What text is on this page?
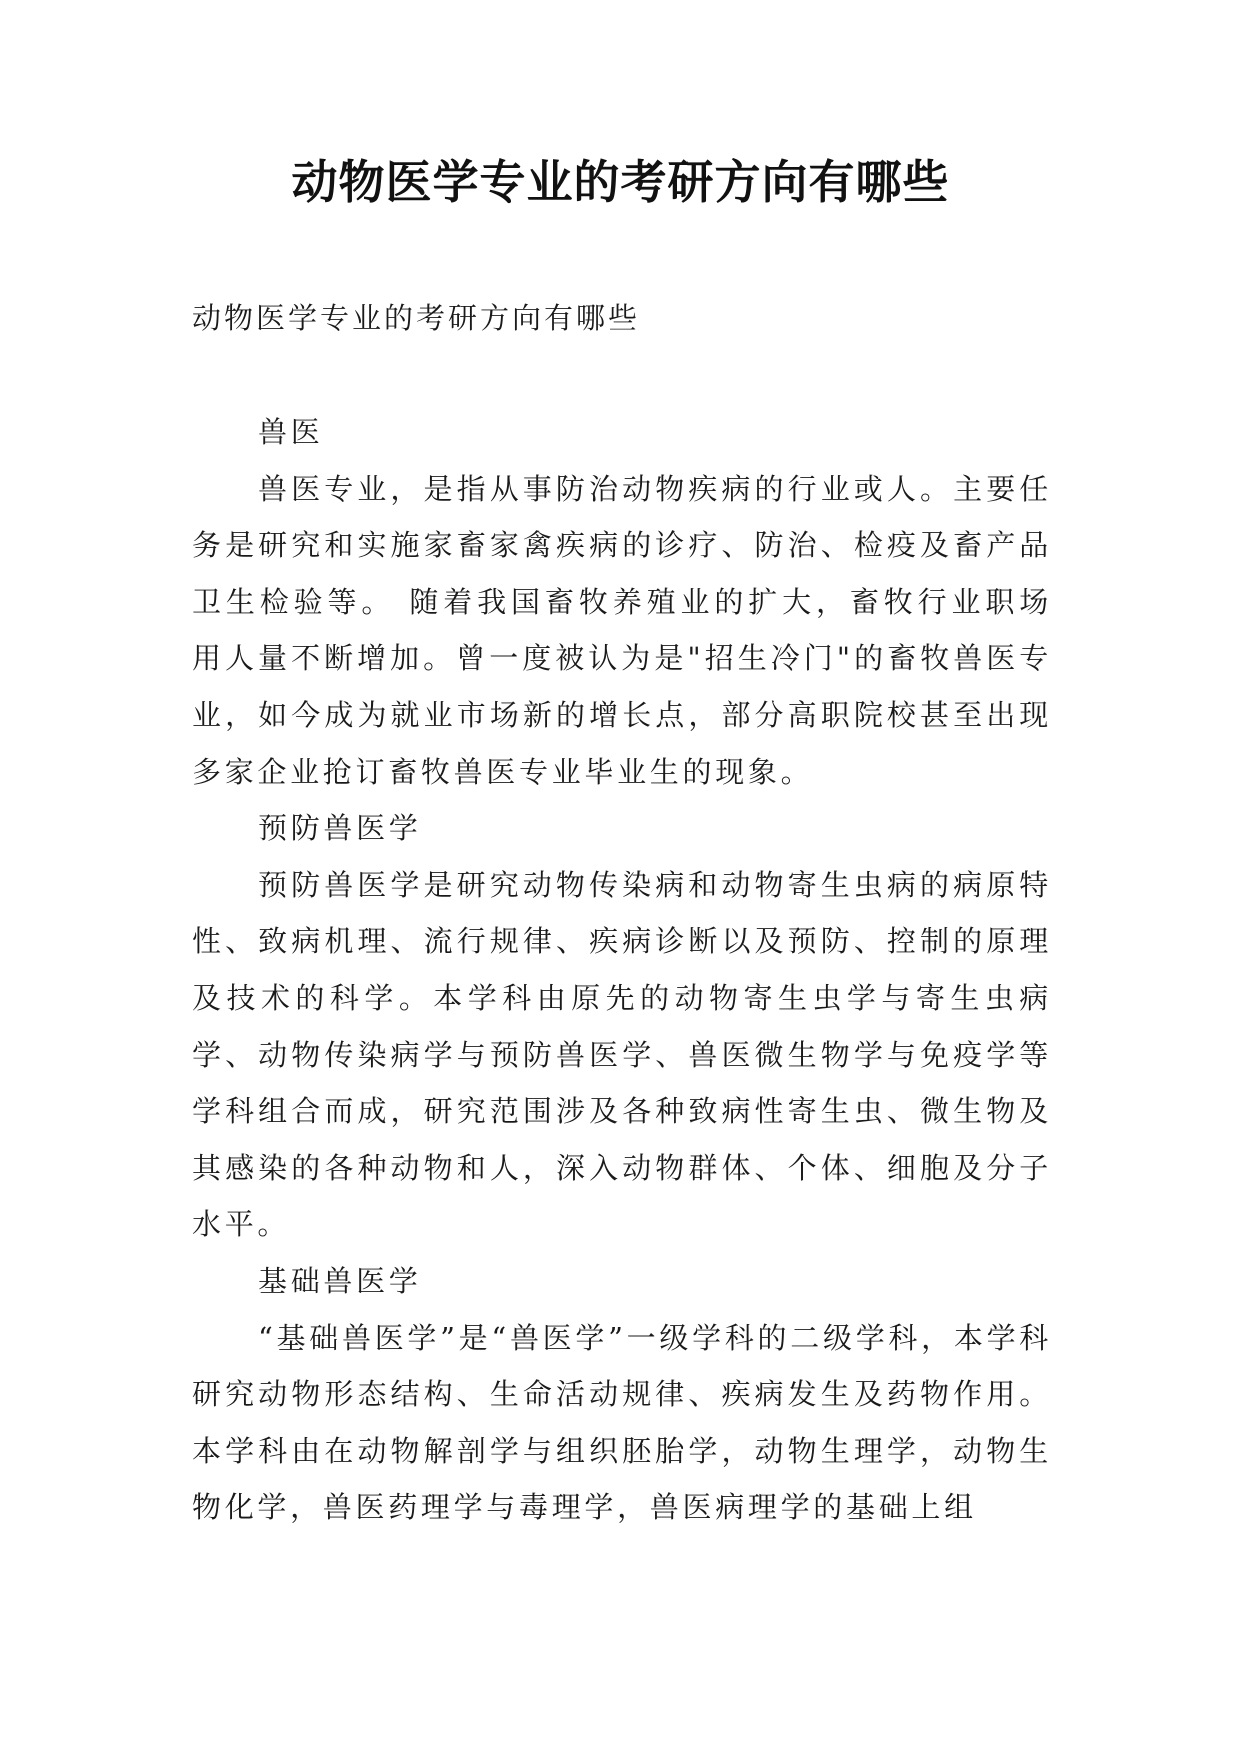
动物医学专业的考研方向有哪些

动物医学专业的考研方向有哪些

兽医

兽医专业，是指从事防治动物疾病的行业或人。主要任务是研究和实施家畜家禽疾病的诊疗、防治、检疫及畜产品卫生检验等。 随着我国畜牧养殖业的扩大，畜牧行业职场用人量不断增加。曾一度被认为是"招生冷门"的畜牧兽医专业，如今成为就业市场新的增长点，部分高职院校甚至出现多家企业抢订畜牧兽医专业毕业生的现象。

预防兽医学

预防兽医学是研究动物传染病和动物寄生虫病的病原特性、致病机理、流行规律、疾病诊断以及预防、控制的原理及技术的科学。本学科由原先的动物寄生虫学与寄生虫病学、动物传染病学与预防兽医学、兽医微生物学与免疫学等学科组合而成，研究范围涉及各种致病性寄生虫、微生物及其感染的各种动物和人，深入动物群体、个体、细胞及分子水平。

基础兽医学

“基础兽医学”是“兽医学”一级学科的二级学科，本学科研究动物形态结构、生命活动规律、疾病发生及药物作用。本学科由在动物解剖学与组织胚胎学，动物生理学，动物生物化学，兽医药理学与毒理学，兽医病理学的基础上组
